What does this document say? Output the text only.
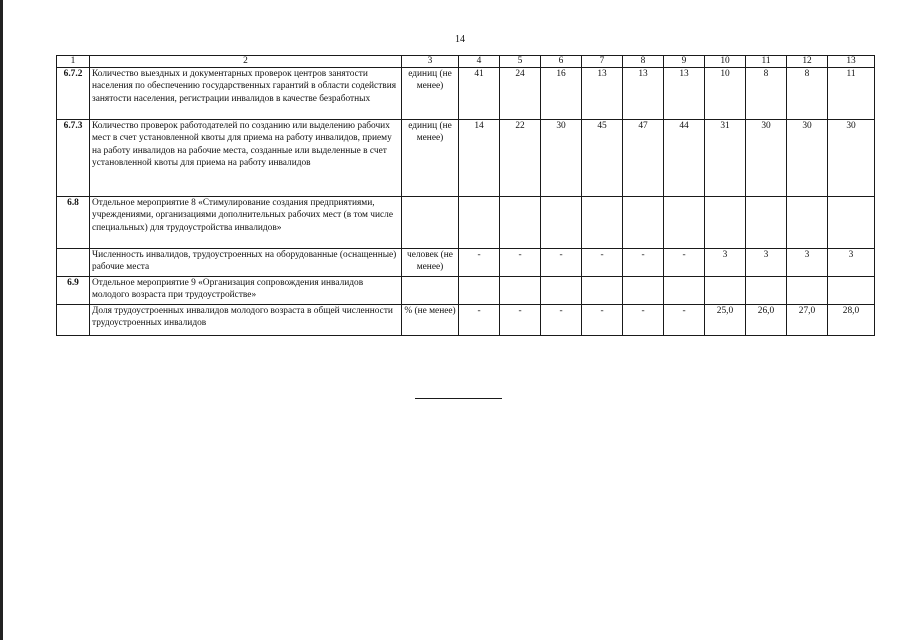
14
1	2	3	4	5	6	7	8	9	10	11	12	13
6.7.2	Количество выездных и документарных проверок центров занятости населения по обеспечению государственных гарантий в области содействия занятости населения, регистрации инвалидов в качестве безработных	единиц (не менее)	41	24	16	13	13	13	10	8	8	11
6.7.3	Количество проверок работодателей по созданию или выделению рабочих мест в счет установленной квоты для приема на работу инвалидов, приему на работу инвалидов на рабочие места, созданные или выделенные в счет установленной квоты для приема на работу инвалидов	единиц (не менее)	14	22	30	45	47	44	31	30	30	30
6.8	Отдельное мероприятие 8 «Стимулирование создания предприятиями, учреждениями, организациями дополнительных рабочих мест (в том числе специальных) для трудоустройства инвалидов»											
	Численность инвалидов, трудоустроенных на оборудованные (оснащенные) рабочие места	человек (не менее)	-	-	-	-	-	-	3	3	3	3
6.9	Отдельное мероприятие 9 «Организация сопровождения инвалидов молодого возраста при трудоустройстве»											
	Доля трудоустроенных инвалидов молодого возраста в общей численности трудоустроенных инвалидов	% (не менее)	-	-	-	-	-	-	25,0	26,0	27,0	28,0
